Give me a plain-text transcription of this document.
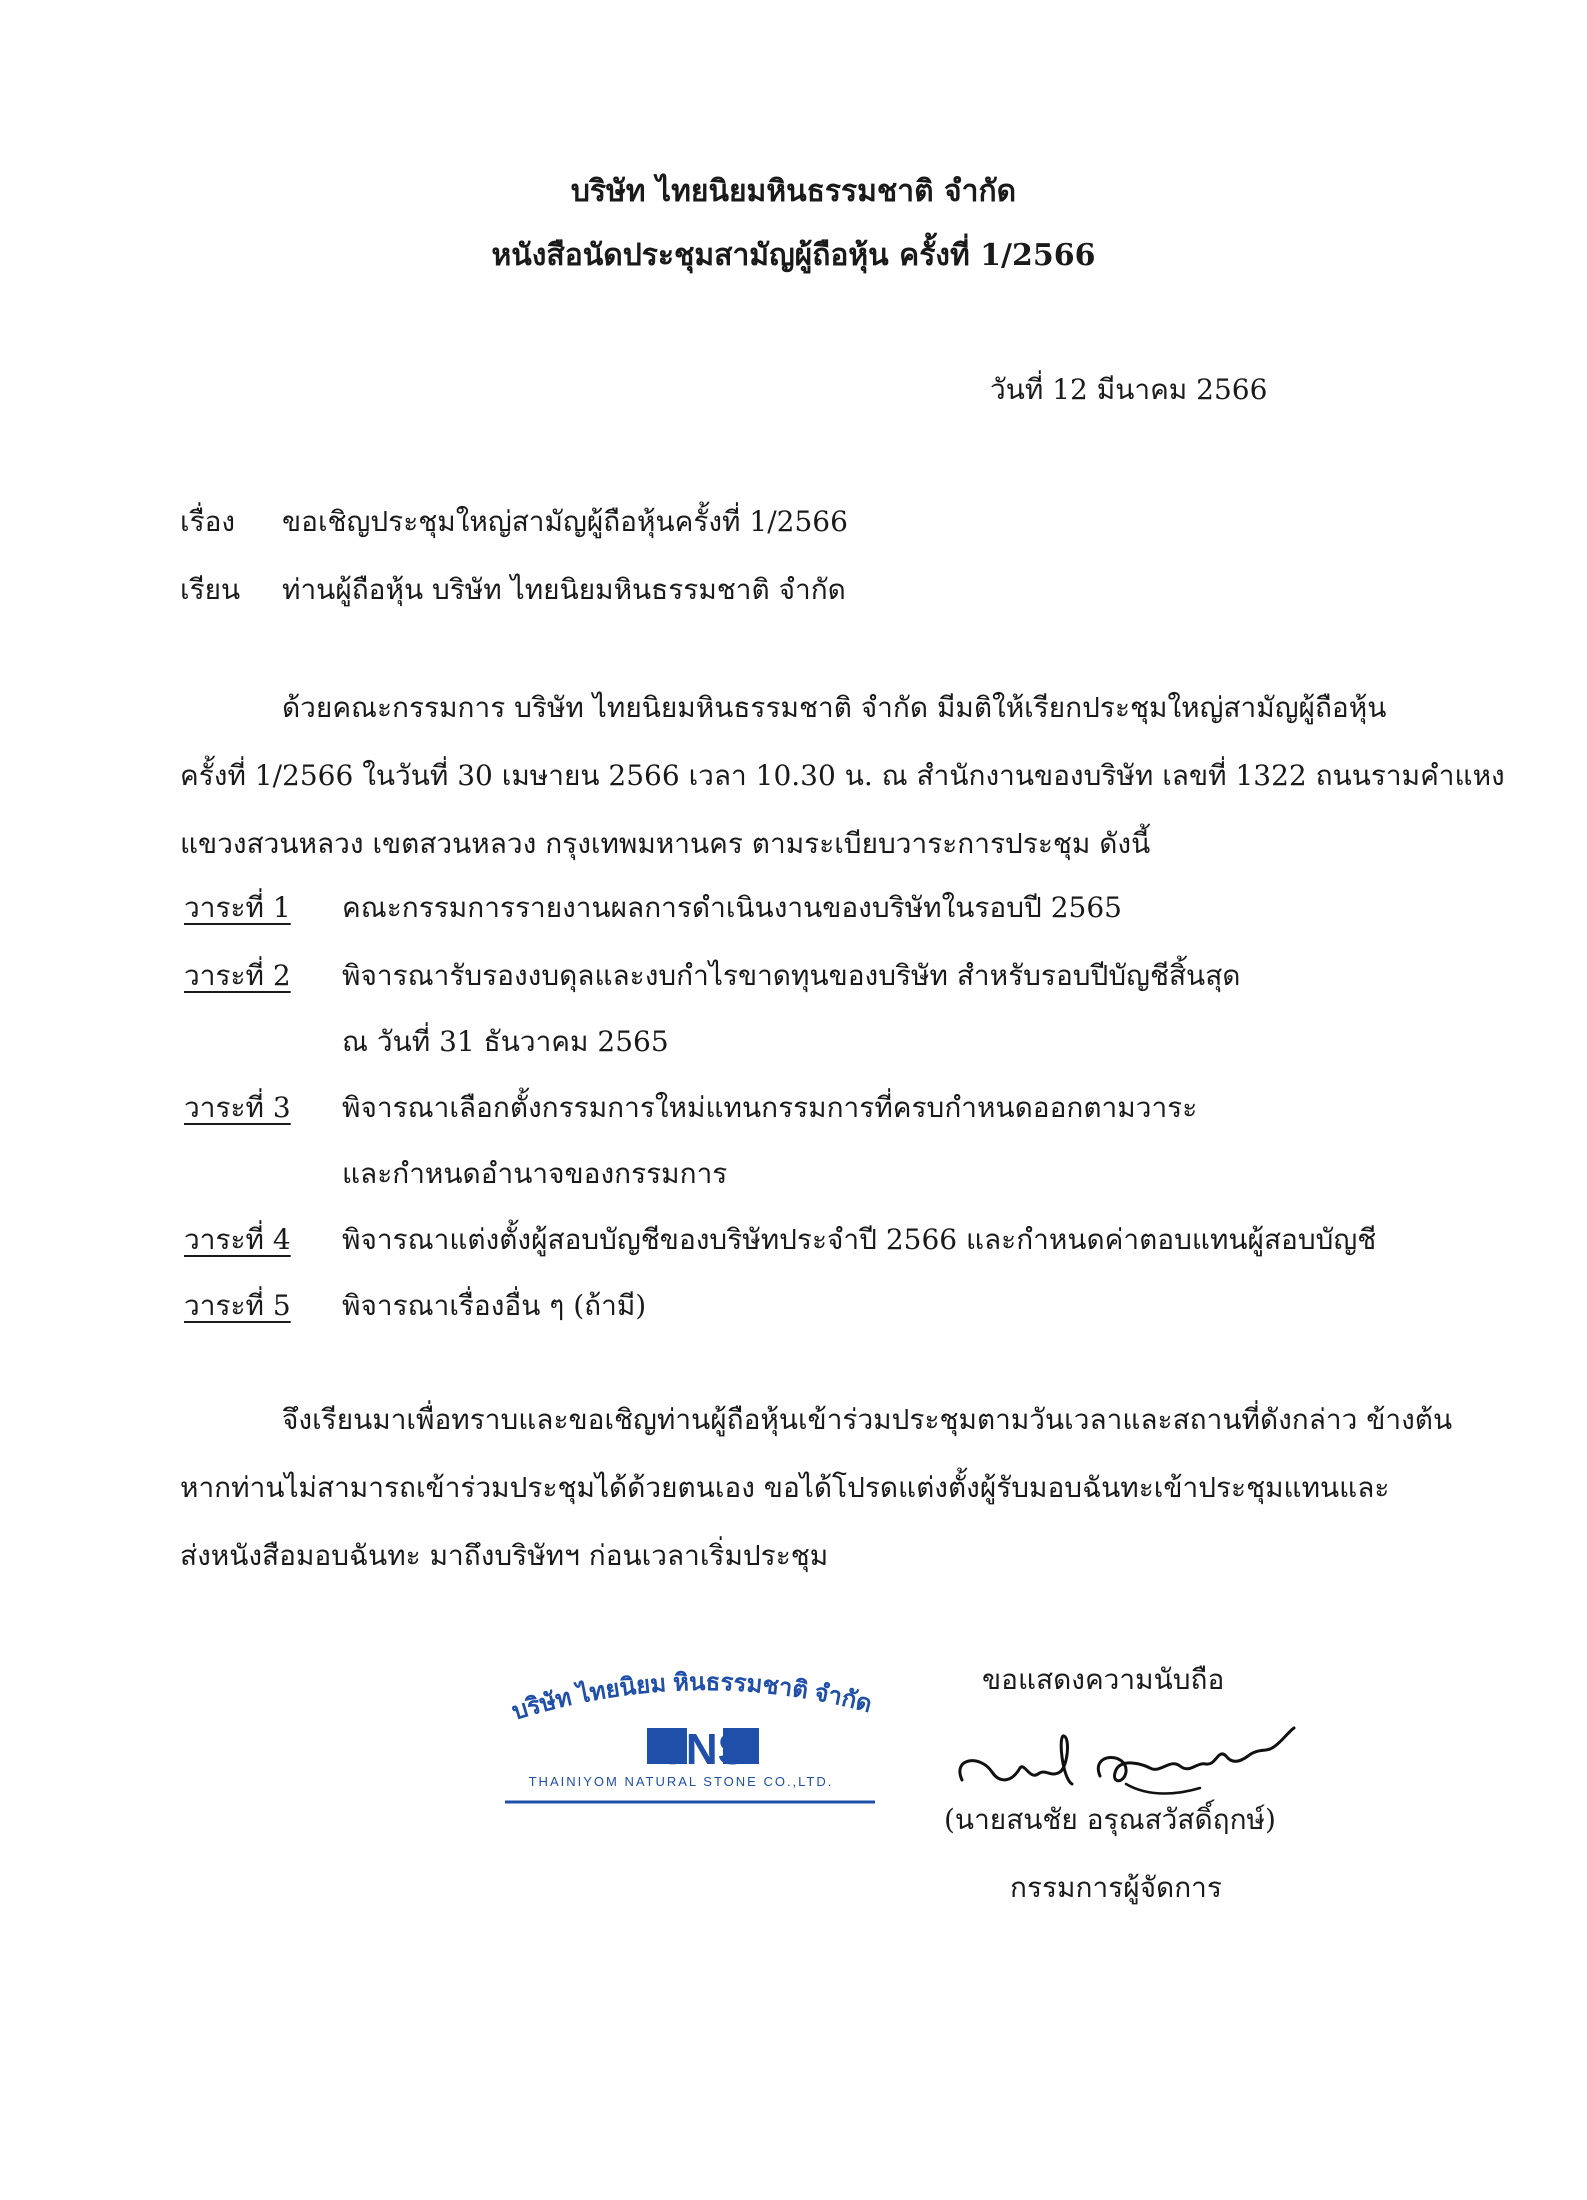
บริษัท ไทยนิยมหินธรรมชาติ จำกัด
หนังสือนัดประชุมสามัญผู้ถือหุ้น ครั้งที่ 1/2566
วันที่ 12 มีนาคม 2566
เรื่อง ขอเชิญประชุมใหญ่สามัญผู้ถือหุ้นครั้งที่ 1/2566
เรียน ท่านผู้ถือหุ้น บริษัท ไทยนิยมหินธรรมชาติ จำกัด
ด้วยคณะกรรมการ บริษัท ไทยนิยมหินธรรมชาติ จำกัด มีมติให้เรียกประชุมใหญ่สามัญผู้ถือหุ้น
ครั้งที่ 1/2566 ในวันที่ 30 เมษายน 2566 เวลา 10.30 น. ณ สำนักงานของบริษัท เลขที่ 1322 ถนนรามคำแหง
แขวงสวนหลวง เขตสวนหลวง กรุงเทพมหานคร ตามระเบียบวาระการประชุม ดังนี้
วาระที่ 1 คณะกรรมการรายงานผลการดำเนินงานของบริษัทในรอบปี 2565
วาระที่ 2 พิจารณารับรองงบดุลและงบกำไรขาดทุนของบริษัท สำหรับรอบปีบัญชีสิ้นสุด
ณ วันที่ 31 ธันวาคม 2565
วาระที่ 3 พิจารณาเลือกตั้งกรรมการใหม่แทนกรรมการที่ครบกำหนดออกตามวาระ
และกำหนดอำนาจของกรรมการ
วาระที่ 4 พิจารณาแต่งตั้งผู้สอบบัญชีของบริษัทประจำปี 2566 และกำหนดค่าตอบแทนผู้สอบบัญชี
วาระที่ 5 พิจารณาเรื่องอื่น ๆ (ถ้ามี)
จึงเรียนมาเพื่อทราบและขอเชิญท่านผู้ถือหุ้นเข้าร่วมประชุมตามวันเวลาและสถานที่ดังกล่าว ข้างต้น
หากท่านไม่สามารถเข้าร่วมประชุมได้ด้วยตนเอง ขอได้โปรดแต่งตั้งผู้รับมอบฉันทะเข้าประชุมแทนและ
ส่งหนังสือมอบฉันทะ มาถึงบริษัทฯ ก่อนเวลาเริ่มประชุม
บริษัท ไทยนิยม หินธรรมชาติ จำกัด
TNS
THAINIYOM NATURAL STONE CO.,LTD.
ขอแสดงความนับถือ
(นายสนชัย อรุณสวัสดิ์ฤกษ์)
กรรมการผู้จัดการ
